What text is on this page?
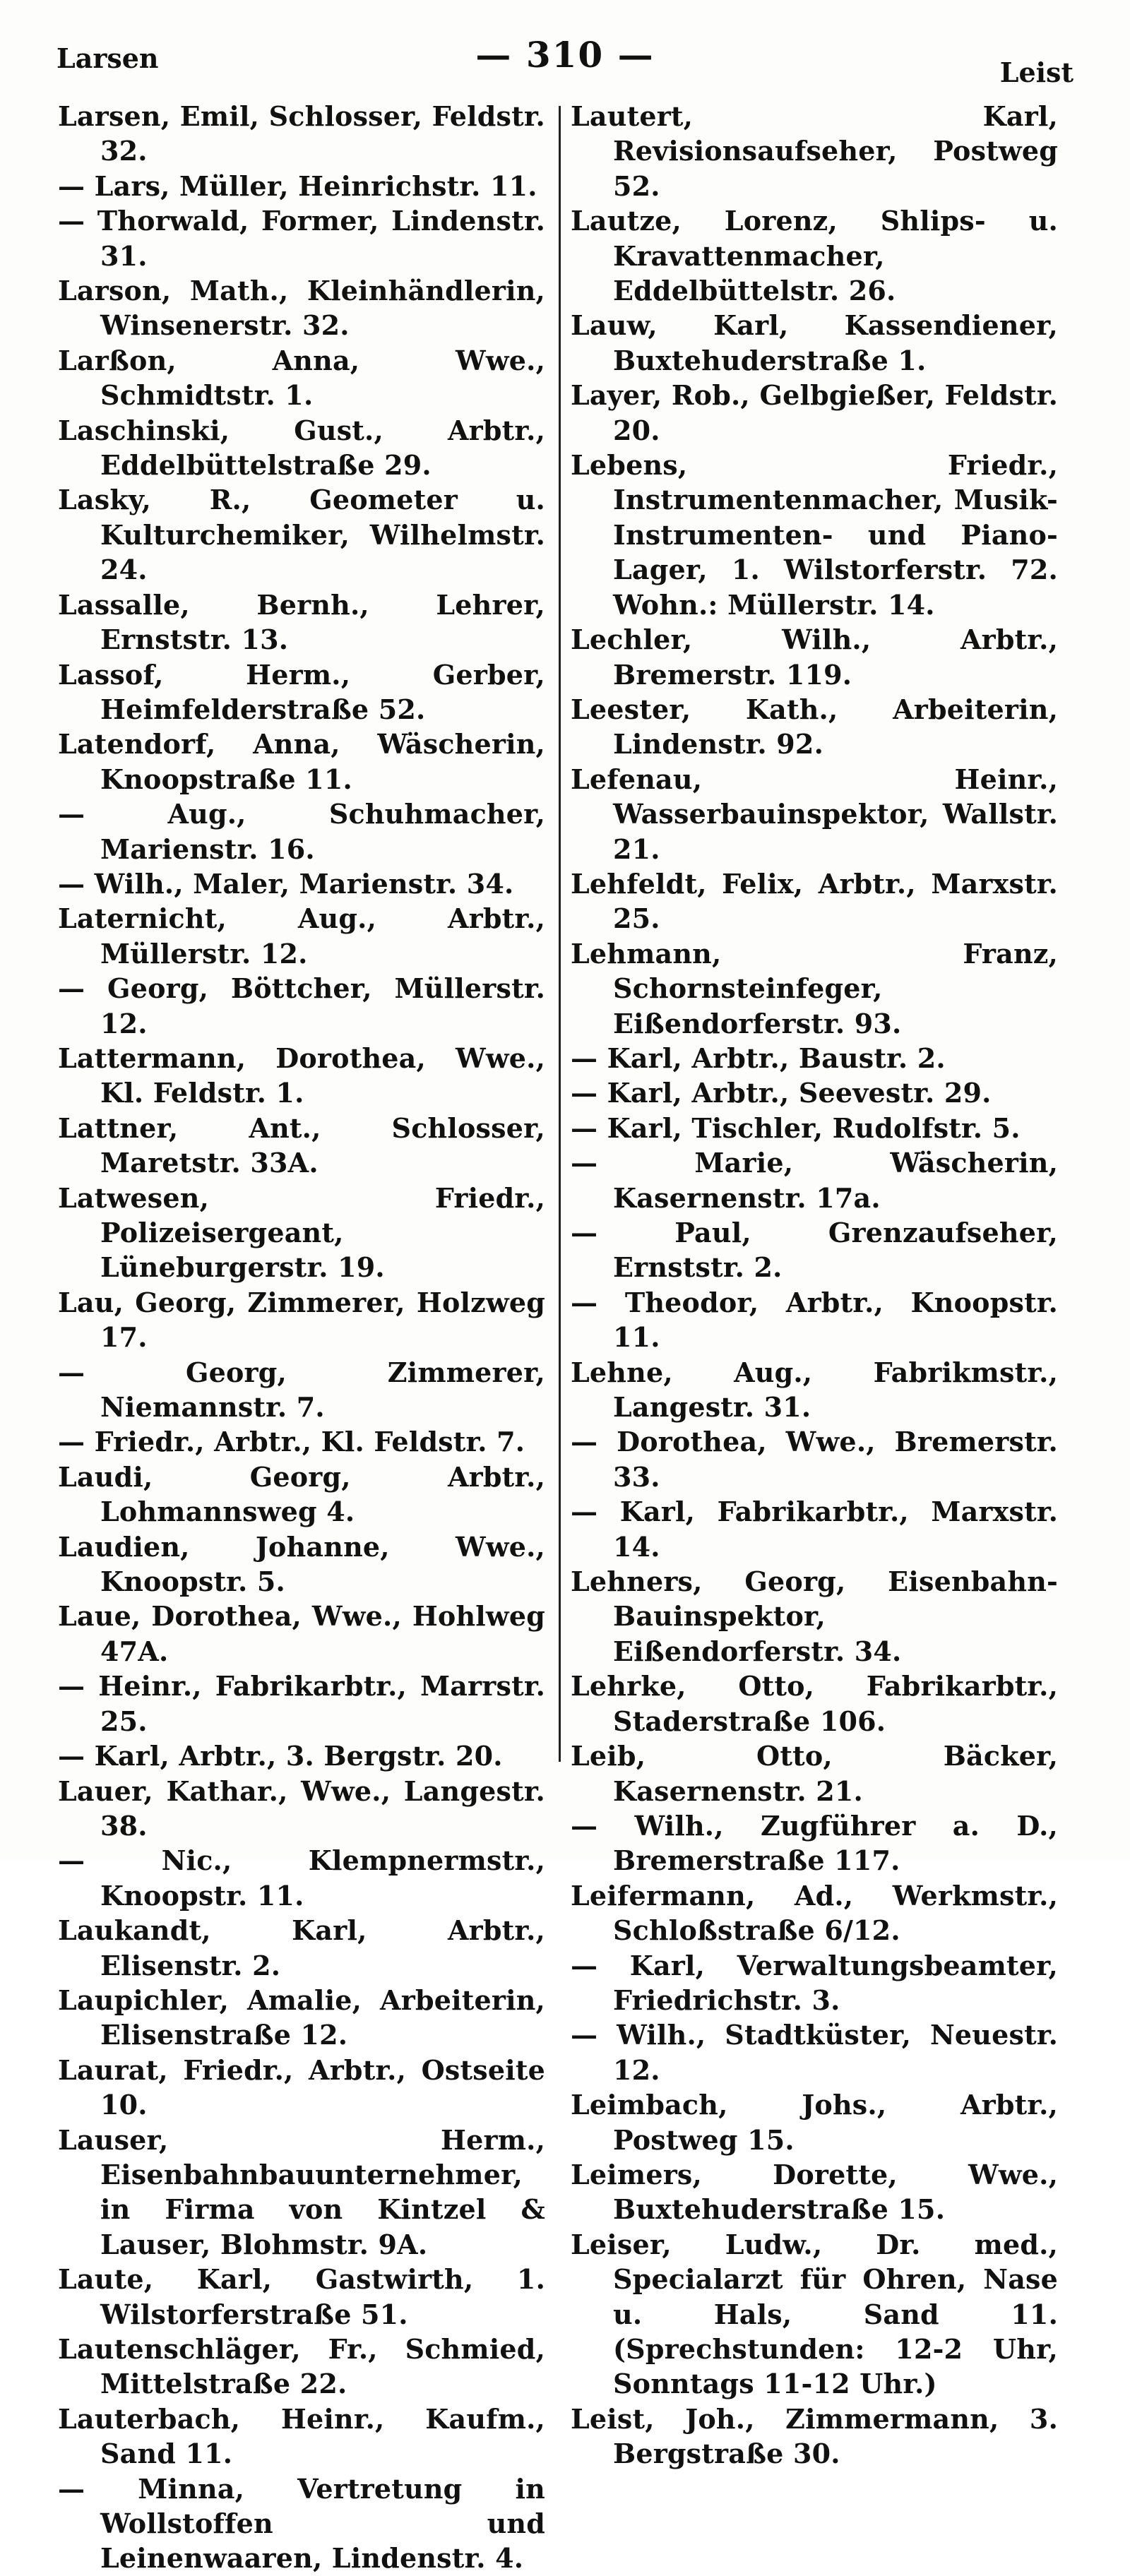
Larsen	— 310 —	Leist

Larsen, Emil, Schlosser, Feldstr. 32.

— Lars, Müller, Heinrichstr. 11.

— Thorwald, Former, Lindenstr. 31.

Larson, Math., Kleinhändlerin, Winsenerstr. 32.

Larßon, Anna, Wwe., Schmidtstr. 1.

Laschinski, Gust., Arbtr., Eddelbüttelstraße 29.

Lasky, R., Geometer u. Kulturchemiker, Wilhelmstr. 24.

Lassalle, Bernh., Lehrer, Ernststr. 13.

Lassof, Herm., Gerber, Heimfelderstraße 52.

Latendorf, Anna, Wäscherin, Knoopstraße 11.

— Aug., Schuhmacher, Marienstr. 16.

— Wilh., Maler, Marienstr. 34.

Laternicht, Aug., Arbtr., Müllerstr. 12.

— Georg, Böttcher, Müllerstr. 12.

Lattermann, Dorothea, Wwe., Kl. Feldstr. 1.

Lattner, Ant., Schlosser, Maretstr. 33A.

Latwesen, Friedr., Polizeisergeant, Lüneburgerstr. 19.

Lau, Georg, Zimmerer, Holzweg 17.

— Georg, Zimmerer, Niemannstr. 7.

— Friedr., Arbtr., Kl. Feldstr. 7.

Laudi, Georg, Arbtr., Lohmannsweg 4.

Laudien, Johanne, Wwe., Knoopstr. 5.

Laue, Dorothea, Wwe., Hohlweg 47A.

— Heinr., Fabrikarbtr., Marrstr. 25.

— Karl, Arbtr., 3. Bergstr. 20.

Lauer, Kathar., Wwe., Langestr. 38.

— Nic., Klempnermstr., Knoopstr. 11.

Laukandt, Karl, Arbtr., Elisenstr. 2.

Laupichler, Amalie, Arbeiterin, Elisenstraße 12.

Laurat, Friedr., Arbtr., Ostseite 10.

Lauser, Herm., Eisenbahnbauunternehmer, in Firma von Kintzel & Lauser, Blohmstr. 9A.

Laute, Karl, Gastwirth, 1. Wilstorferstraße 51.

Lautenschläger, Fr., Schmied, Mittelstraße 22.

Lauterbach, Heinr., Kaufm., Sand 11.

— Minna, Vertretung in Wollstoffen und Leinenwaaren, Lindenstr. 4.

Lautert, Karl, Revisionsaufseher, Postweg 52.

Lautze, Lorenz, Shlips- u. Kravattenmacher, Eddelbüttelstr. 26.

Lauw, Karl, Kassendiener, Buxtehuderstraße 1.

Layer, Rob., Gelbgießer, Feldstr. 20.

Lebens, Friedr., Instrumentenmacher, Musik-Instrumenten- und Piano-Lager, 1. Wilstorferstr. 72. Wohn.: Müllerstr. 14.

Lechler, Wilh., Arbtr., Bremerstr. 119.

Leester, Kath., Arbeiterin, Lindenstr. 92.

Lefenau, Heinr., Wasserbauinspektor, Wallstr. 21.

Lehfeldt, Felix, Arbtr., Marxstr. 25.

Lehmann, Franz, Schornsteinfeger, Eißendorferstr. 93.

— Karl, Arbtr., Baustr. 2.

— Karl, Arbtr., Seevestr. 29.

— Karl, Tischler, Rudolfstr. 5.

— Marie, Wäscherin, Kasernenstr. 17a.

— Paul, Grenzaufseher, Ernststr. 2.

— Theodor, Arbtr., Knoopstr. 11.

Lehne, Aug., Fabrikmstr., Langestr. 31.

— Dorothea, Wwe., Bremerstr. 33.

— Karl, Fabrikarbtr., Marxstr. 14.

Lehners, Georg, Eisenbahn- Bauinspektor, Eißendorferstr. 34.

Lehrke, Otto, Fabrikarbtr., Staderstraße 106.

Leib, Otto, Bäcker, Kasernenstr. 21.

— Wilh., Zugführer a. D., Bremerstraße 117.

Leifermann, Ad., Werkmstr., Schloßstraße 6/12.

— Karl, Verwaltungsbeamter, Friedrichstr. 3.

— Wilh., Stadtküster, Neuestr. 12.

Leimbach, Johs., Arbtr., Postweg 15.

Leimers, Dorette, Wwe., Buxtehuderstraße 15.

Leiser, Ludw., Dr. med., Specialarzt für Ohren, Nase u. Hals, Sand 11. (Sprechstunden: 12-2 Uhr, Sonntags 11-12 Uhr.)

Leist, Joh., Zimmermann, 3. Bergstraße 30.
